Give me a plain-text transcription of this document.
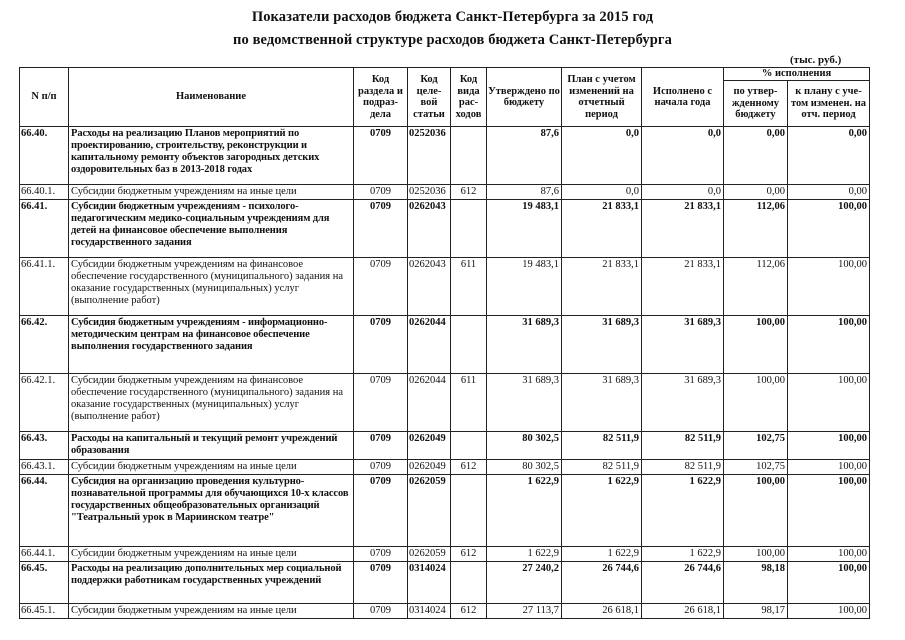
Показатели расходов бюджета Санкт-Петербурга за 2015 год
по ведомственной структуре расходов бюджета Санкт-Петербурга
(тыс. руб.)
N п/п	Наименование	Код раздела и подраз-дела	Код целе-вой статьи	Код вида рас-ходов	Утверждено по бюджету	План с учетом изменений на отчетный период	Исполнено с начала года	% исполнения	
								по утвер-жденному бюджету	к плану с уче-том изменен. на отч. период
66.40.	Расходы на реализацию Планов мероприятий по проектированию, строительству, реконструкции и капитальному ремонту объектов загородных детских оздоровительных баз в 2013-2018 годах	0709	0252036		87,6	0,0	0,0	0,00	0,00
66.40.1.	Субсидии бюджетным учреждениям на иные цели	0709	0252036	612	87,6	0,0	0,0	0,00	0,00
66.41.	Субсидии бюджетным учреждениям - психолого-педагогическим медико-социальным учреждениям для детей на финансовое обеспечение выполнения государственного задания	0709	0262043		19 483,1	21 833,1	21 833,1	112,06	100,00
66.41.1.	Субсидии бюджетным учреждениям на финансовое обеспечение государственного (муниципального) задания на оказание государственных (муниципальных) услуг (выполнение работ)	0709	0262043	611	19 483,1	21 833,1	21 833,1	112,06	100,00
66.42.	Субсидия бюджетным учреждениям - информационно-методическим центрам на финансовое обеспечение выполнения государственного задания	0709	0262044		31 689,3	31 689,3	31 689,3	100,00	100,00
66.42.1.	Субсидии бюджетным учреждениям на финансовое обеспечение государственного (муниципального) задания на оказание государственных (муниципальных) услуг (выполнение работ)	0709	0262044	611	31 689,3	31 689,3	31 689,3	100,00	100,00
66.43.	Расходы на капитальный и текущий ремонт учреждений образования	0709	0262049		80 302,5	82 511,9	82 511,9	102,75	100,00
66.43.1.	Субсидии бюджетным учреждениям на иные цели	0709	0262049	612	80 302,5	82 511,9	82 511,9	102,75	100,00
66.44.	Субсидия на организацию проведения культурно-познавательной программы для обучающихся 10-х классов государственных общеобразовательных организаций "Театральный урок в Мариинском театре"	0709	0262059		1 622,9	1 622,9	1 622,9	100,00	100,00
66.44.1.	Субсидии бюджетным учреждениям на иные цели	0709	0262059	612	1 622,9	1 622,9	1 622,9	100,00	100,00
66.45.	Расходы на реализацию дополнительных мер социальной поддержки работникам государственных учреждений	0709	0314024		27 240,2	26 744,6	26 744,6	98,18	100,00
66.45.1.	Субсидии бюджетным учреждениям на иные цели	0709	0314024	612	27 113,7	26 618,1	26 618,1	98,17	100,00
